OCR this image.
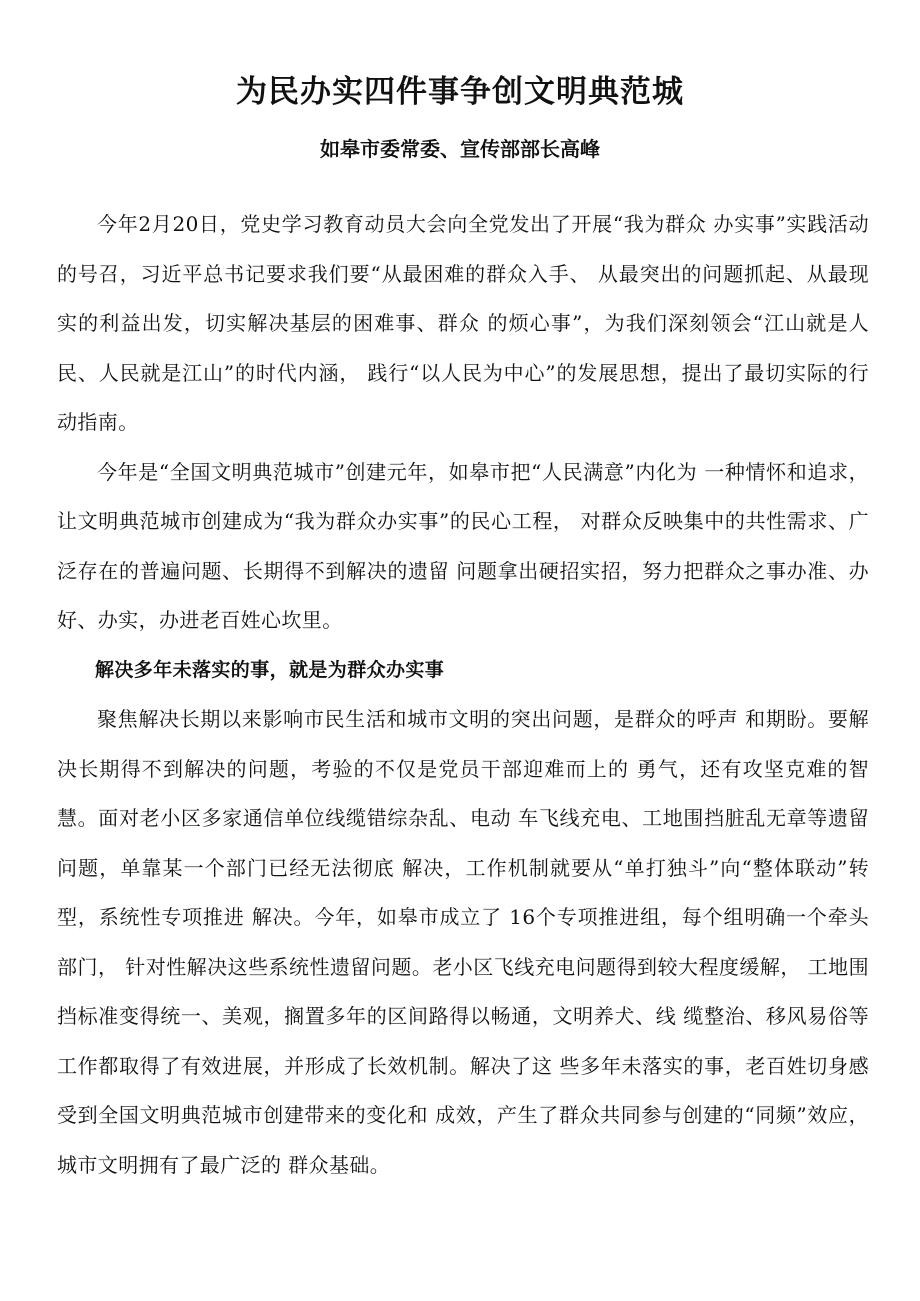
为民办实四件事争创文明典范城
如皋市委常委、宣传部部长高峰

今年2月20日，党史学习教育动员大会向全党发出了开展“我为群众 办实事”实践活动的号召，习近平总书记要求我们要“从最困难的群众入手、 从最突出的问题抓起、从最现实的利益出发，切实解决基层的困难事、群众 的烦心事”，为我们深刻领会“江山就是人民、人民就是江山”的时代内涵， 践行“以人民为中心”的发展思想，提出了最切实际的行动指南。

今年是“全国文明典范城市”创建元年，如皋市把“人民满意”内化为 一种情怀和追求，让文明典范城市创建成为“我为群众办实事”的民心工程， 对群众反映集中的共性需求、广泛存在的普遍问题、长期得不到解决的遗留 问题拿出硬招实招，努力把群众之事办准、办好、办实，办进老百姓心坎里。

解决多年未落实的事，就是为群众办实事

聚焦解决长期以来影响市民生活和城市文明的突出问题，是群众的呼声 和期盼。要解决长期得不到解决的问题，考验的不仅是党员干部迎难而上的 勇气，还有攻坚克难的智慧。面对老小区多家通信单位线缆错综杂乱、电动 车飞线充电、工地围挡脏乱无章等遗留问题，单靠某一个部门已经无法彻底 解决，工作机制就要从“单打独斗”向“整体联动”转型，系统性专项推进 解决。今年，如皋市成立了 16个专项推进组，每个组明确一个牵头部门， 针对性解决这些系统性遗留问题。老小区飞线充电问题得到较大程度缓解， 工地围挡标准变得统一、美观，搁置多年的区间路得以畅通，文明养犬、线 缆整治、移风易俗等工作都取得了有效进展，并形成了长效机制。解决了这 些多年未落实的事，老百姓切身感受到全国文明典范城市创建带来的变化和 成效，产生了群众共同参与创建的“同频”效应，城市文明拥有了最广泛的 群众基础。
